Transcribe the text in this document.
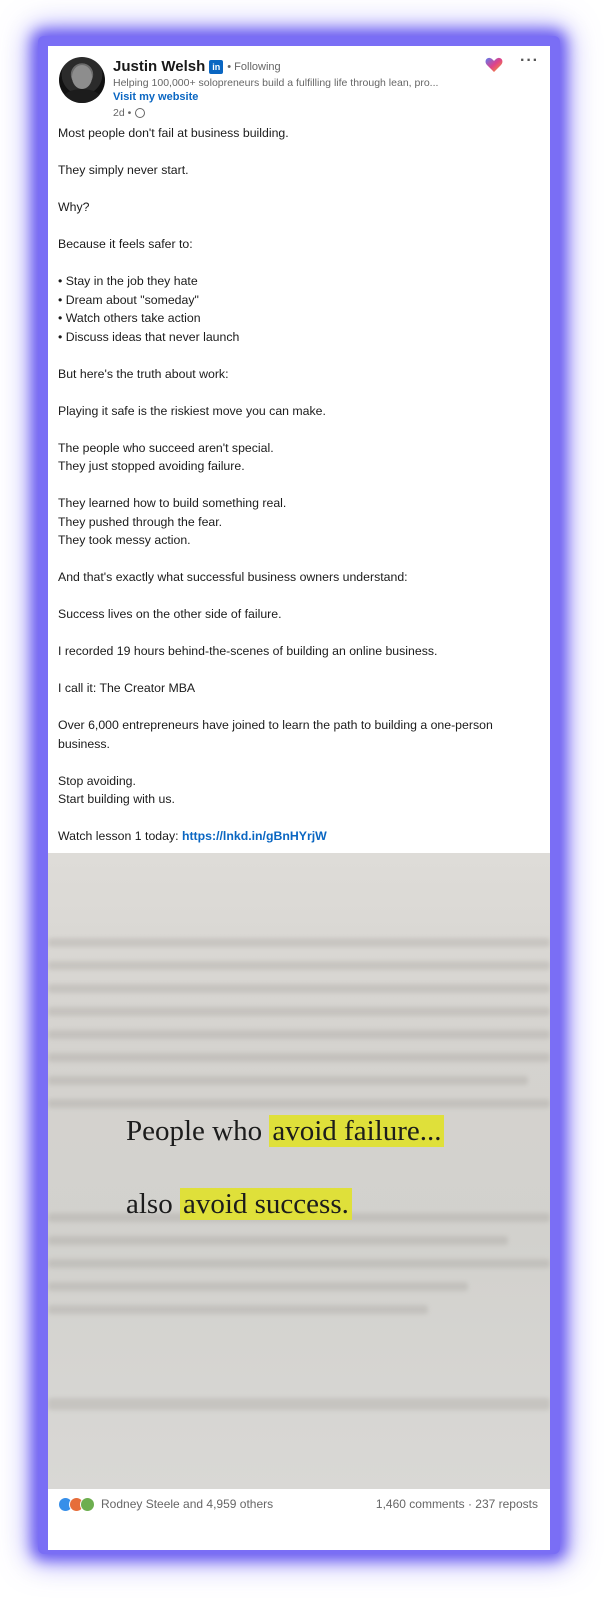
Justin Welsh in • Following
Helping 100,000+ solopreneurs build a fulfilling life through lean, pro...
Visit my website
2d •
···

Most people don't fail at business building.

They simply never start.

Why?

Because it feels safer to:

• Stay in the job they hate
• Dream about "someday"
• Watch others take action
• Discuss ideas that never launch

But here's the truth about work:

Playing it safe is the riskiest move you can make.

The people who succeed aren't special.
They just stopped avoiding failure.

They learned how to build something real.
They pushed through the fear.
They took messy action.

And that's exactly what successful business owners understand:

Success lives on the other side of failure.

I recorded 19 hours behind-the-scenes of building an online business.

I call it: The Creator MBA

Over 6,000 entrepreneurs have joined to learn the path to building a one-person business.

Stop avoiding.
Start building with us.

Watch lesson 1 today: https://lnkd.in/gBnHYrjW

People who avoid failure...
also avoid success.
Rodney Steele and 4,959 others	1,460 comments · 237 reposts
